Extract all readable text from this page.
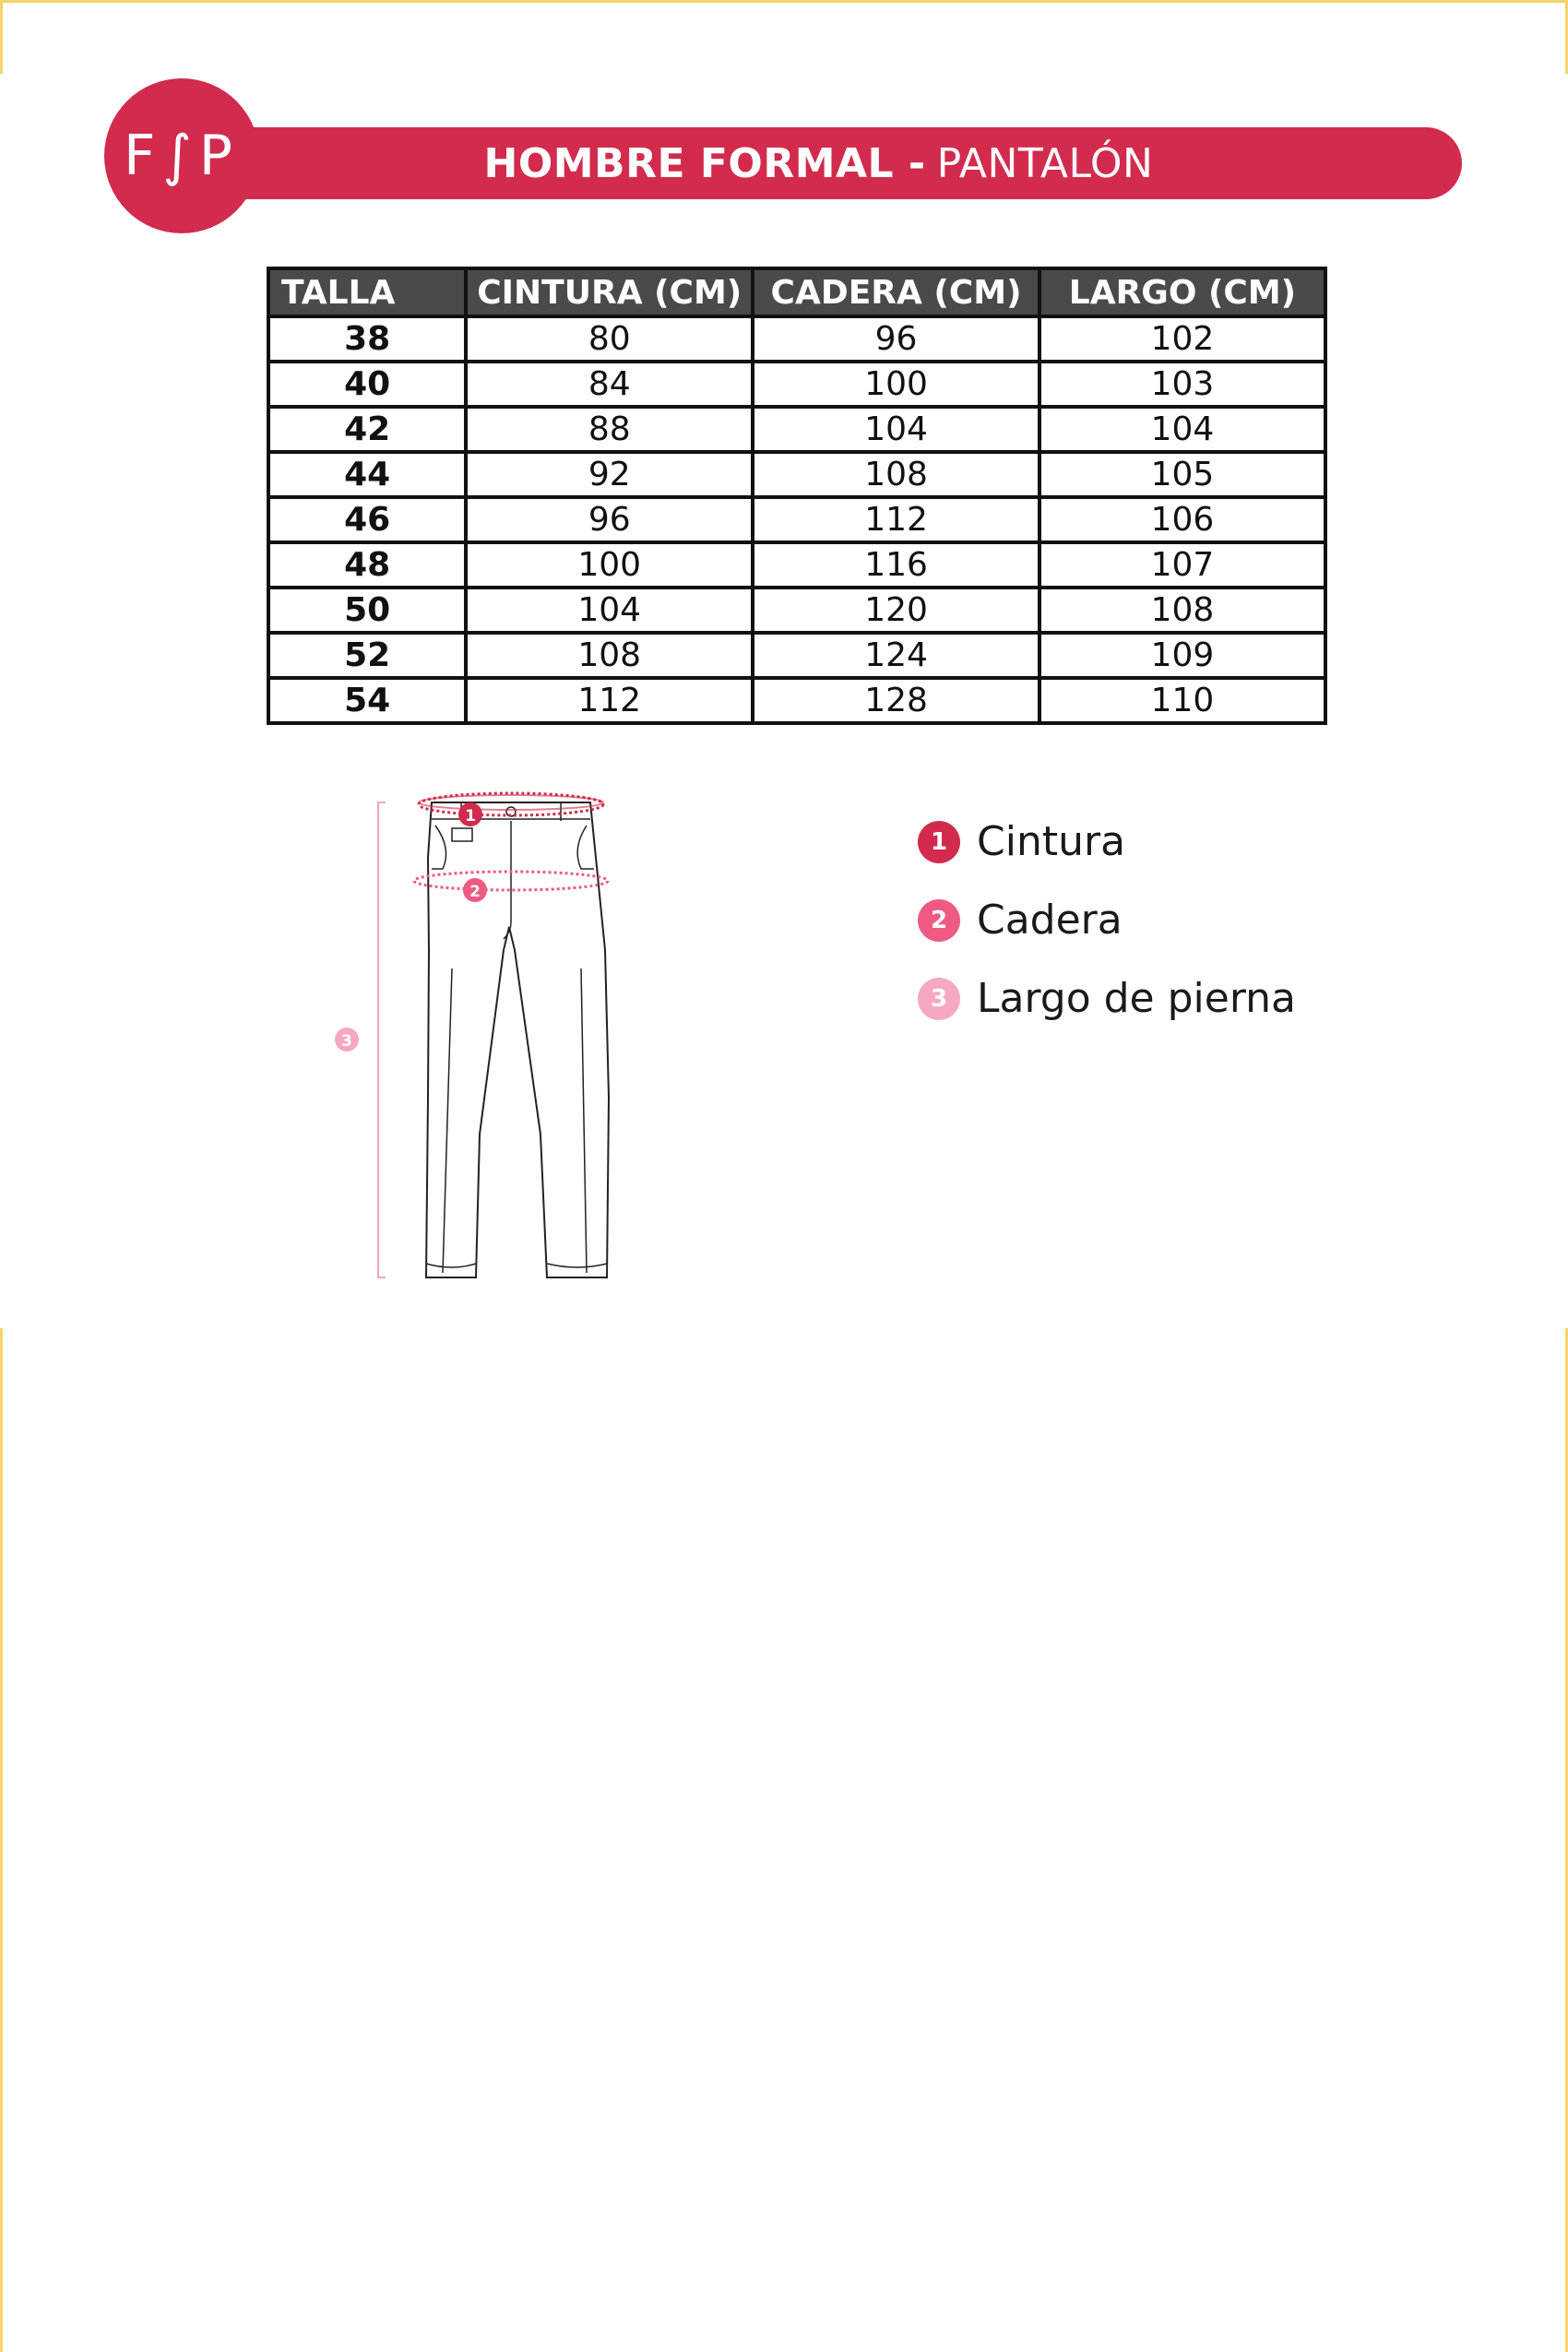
HOMBRE FORMAL - PANTALÓN
F∫P
TALLA	CINTURA (CM)	CADERA (CM)	LARGO (CM)
38	80	96	102
40	84	100	103
42	88	104	104
44	92	108	105
46	96	112	106
48	100	116	107
50	104	120	108
52	108	124	109
54	112	128	110
1
2
3
1 Cintura
2 Cadera
3 Largo de pierna
